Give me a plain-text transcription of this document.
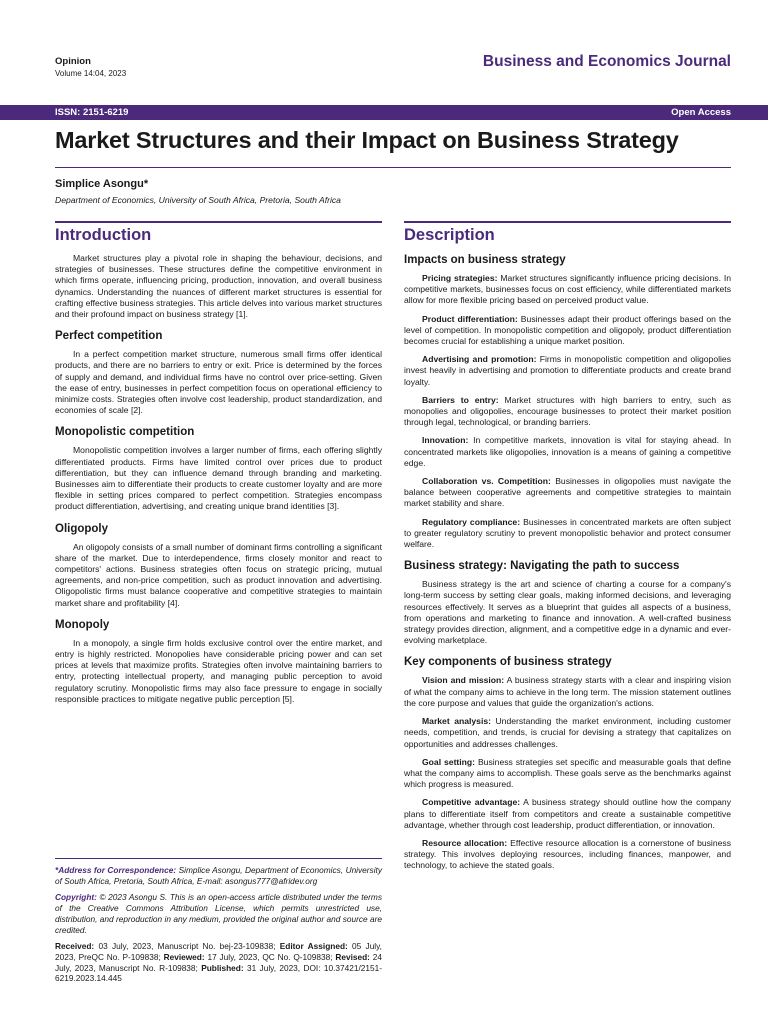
Opinion
Volume 14:04, 2023
Business and Economics Journal
ISSN: 2151-6219	Open Access
Market Structures and their Impact on Business Strategy
Simplice Asongu*
Department of Economics, University of South Africa, Pretoria, South Africa
Introduction

Market structures play a pivotal role in shaping the behaviour, decisions, and strategies of businesses. These structures define the competitive environment in which firms operate, influencing pricing, production, innovation, and overall business dynamics. Understanding the nuances of different market structures is essential for crafting effective business strategies. This article delves into various market structures and their profound impact on business strategy [1].

Perfect competition

In a perfect competition market structure, numerous small firms offer identical products, and there are no barriers to entry or exit. Price is determined by the forces of supply and demand, and individual firms have no control over price-setting. Given the ease of entry, businesses in perfect competition focus on operational efficiency to minimize costs. Strategies often involve cost leadership, product standardization, and economies of scale [2].

Monopolistic competition

Monopolistic competition involves a larger number of firms, each offering slightly differentiated products. Firms have limited control over prices due to product differentiation, but they can influence demand through branding and marketing. Businesses aim to differentiate their products to create customer loyalty and are more flexible in setting prices compared to perfect competition. Strategies encompass product differentiation, advertising, and creating unique brand identities [3].

Oligopoly

An oligopoly consists of a small number of dominant firms controlling a significant share of the market. Due to interdependence, firms closely monitor and react to competitors' actions. Business strategies often focus on strategic pricing, mutual agreements, and non-price competition, such as product innovation and advertising. Oligopolistic firms must balance cooperative and competitive strategies to maintain market share and profitability [4].

Monopoly

In a monopoly, a single firm holds exclusive control over the entire market, and entry is highly restricted. Monopolies have considerable pricing power and can set prices at levels that maximize profits. Strategies often involve maintaining barriers to entry, protecting intellectual property, and managing public perception to avoid regulatory scrutiny. Monopolistic firms may also face pressure to engage in socially responsible practices to mitigate negative public perception [5].

*Address for Correspondence: Simplice Asongu, Department of Economics, University of South Africa, Pretoria, South Africa, E-mail: asongus777@afridev.org

Copyright: © 2023 Asongu S. This is an open-access article distributed under the terms of the Creative Commons Attribution License, which permits unrestricted use, distribution, and reproduction in any medium, provided the original author and source are credited.

Received: 03 July, 2023, Manuscript No. bej-23-109838; Editor Assigned: 05 July, 2023, PreQC No. P-109838; Reviewed: 17 July, 2023, QC No. Q-109838; Revised: 24 July, 2023, Manuscript No. R-109838; Published: 31 July, 2023, DOI: 10.37421/2151-6219.2023.14.445

Description
Impacts on business strategy

Pricing strategies: Market structures significantly influence pricing decisions. In competitive markets, businesses focus on cost efficiency, while differentiated markets allow for more flexible pricing based on perceived product value.

Product differentiation: Businesses adapt their product offerings based on the level of competition. In monopolistic competition and oligopoly, product differentiation becomes crucial for establishing a unique market position.

Advertising and promotion: Firms in monopolistic competition and oligopolies invest heavily in advertising and promotion to differentiate products and create brand loyalty.

Barriers to entry: Market structures with high barriers to entry, such as monopolies and oligopolies, encourage businesses to protect their market position through legal, technological, or branding barriers.

Innovation: In competitive markets, innovation is vital for staying ahead. In concentrated markets like oligopolies, innovation is a means of gaining a competitive edge.

Collaboration vs. Competition: Businesses in oligopolies must navigate the balance between cooperative agreements and competitive strategies to maintain market stability and share.

Regulatory compliance: Businesses in concentrated markets are often subject to greater regulatory scrutiny to prevent monopolistic behavior and protect consumer welfare.

Business strategy: Navigating the path to success

Business strategy is the art and science of charting a course for a company's long-term success by setting clear goals, making informed decisions, and leveraging resources effectively. It serves as a blueprint that guides all aspects of a business, from operations and marketing to finance and innovation. A well-crafted business strategy provides direction, alignment, and a competitive edge in a dynamic and ever-evolving marketplace.

Key components of business strategy

Vision and mission: A business strategy starts with a clear and inspiring vision of what the company aims to achieve in the long term. The mission statement outlines the core purpose and values that guide the organization's actions.

Market analysis: Understanding the market environment, including customer needs, competition, and trends, is crucial for devising a strategy that capitalizes on opportunities and addresses challenges.

Goal setting: Business strategies set specific and measurable goals that define what the company aims to accomplish. These goals serve as the benchmarks against which progress is measured.

Competitive advantage: A business strategy should outline how the company plans to differentiate itself from competitors and create a sustainable competitive advantage, whether through cost leadership, product differentiation, or innovation.

Resource allocation: Effective resource allocation is a cornerstone of business strategy. This involves deploying resources, including finances, manpower, and technology, to achieve the stated goals.
